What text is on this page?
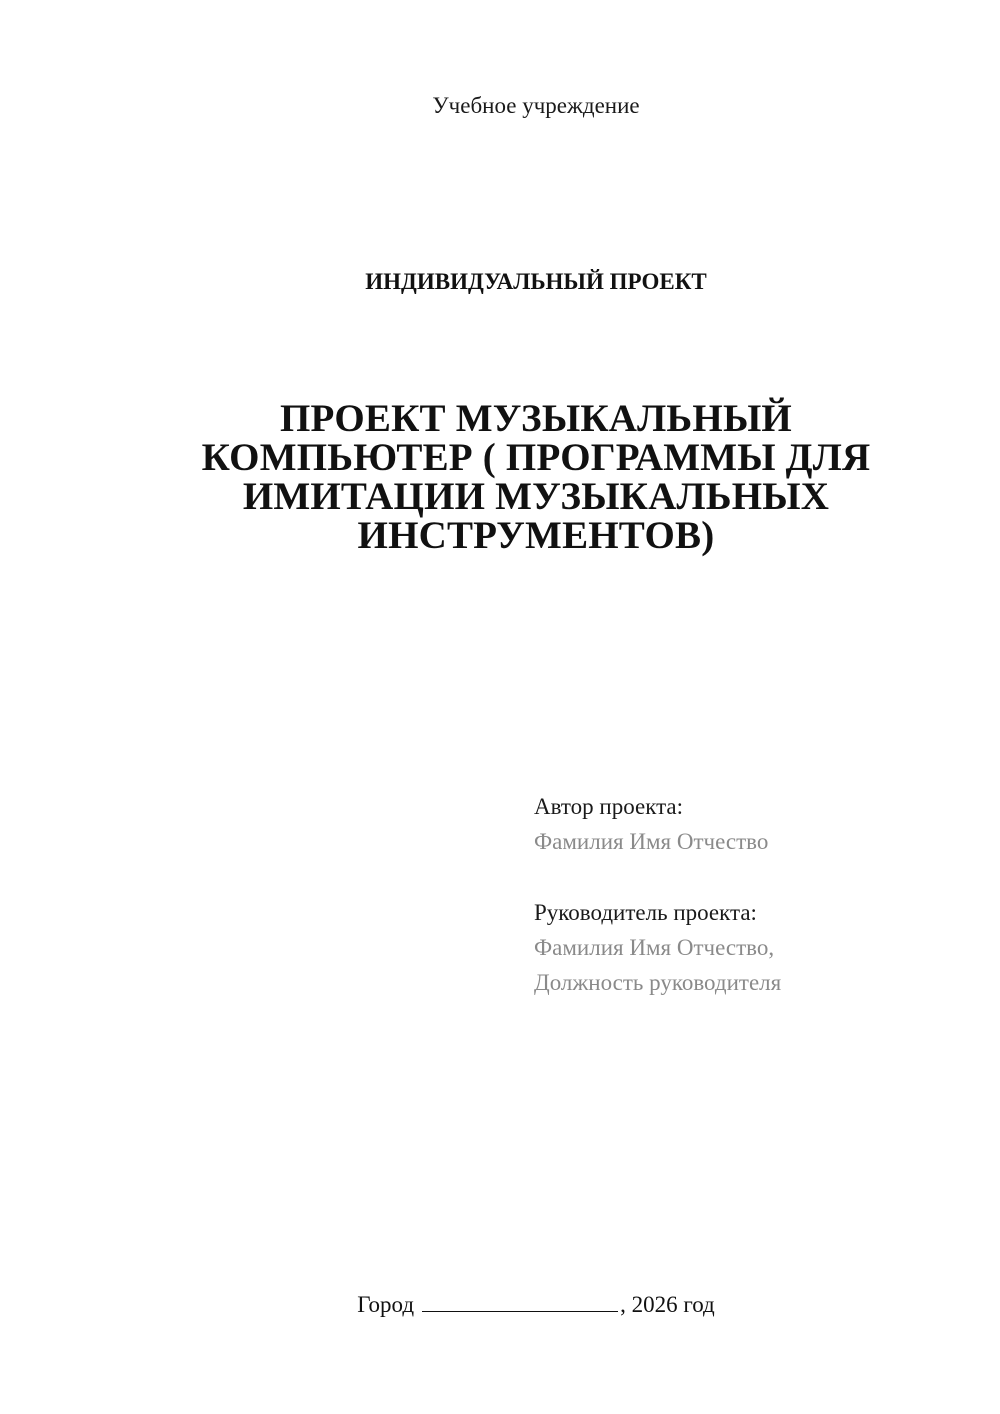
Учебное учреждение
ИНДИВИДУАЛЬНЫЙ ПРОЕКТ
ПРОЕКТ МУЗЫКАЛЬНЫЙ
КОМПЬЮТЕР ( ПРОГРАММЫ ДЛЯ
ИМИТАЦИИ МУЗЫКАЛЬНЫХ
ИНСТРУМЕНТОВ)
Автор проекта:
Фамилия Имя Отчество
Руководитель проекта:
Фамилия Имя Отчество,
Должность руководителя
Город	, 2026 год
